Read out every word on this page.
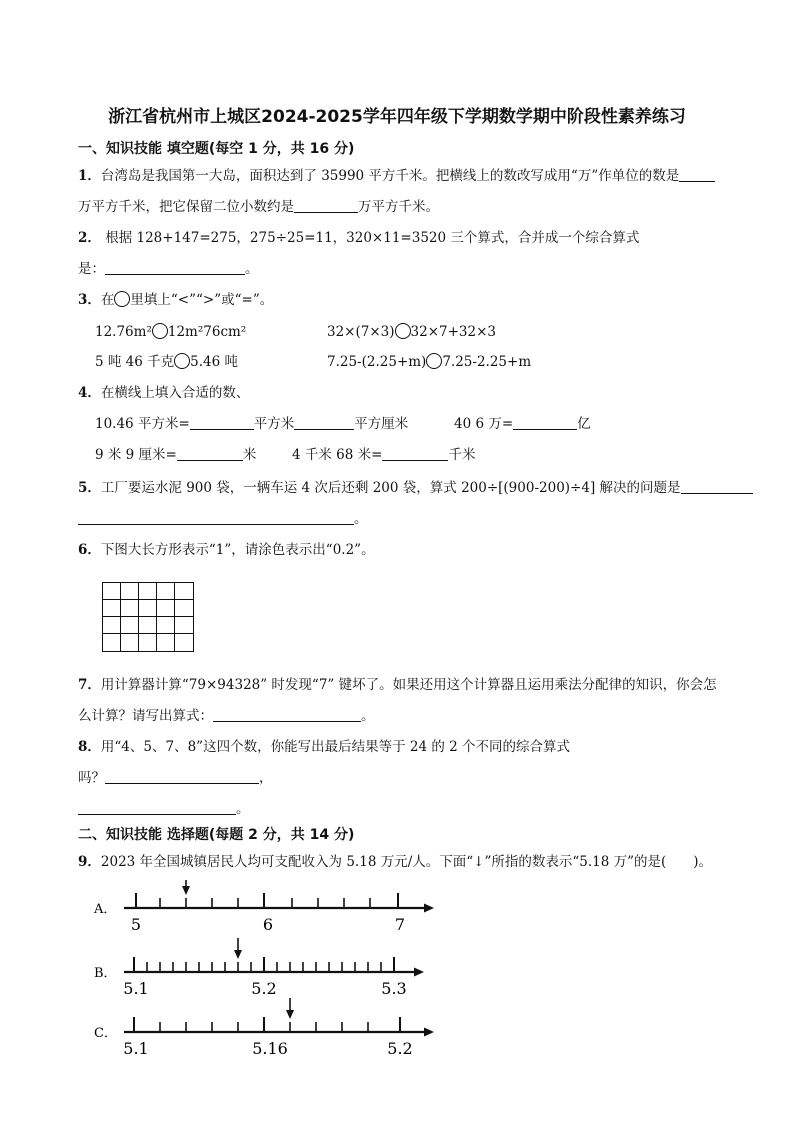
浙江省杭州市上城区2024-2025学年四年级下学期数学期中阶段性素养练习
一、知识技能 填空题(每空 1 分，共 16 分)
1．台湾岛是我国第一大岛，面积达到了 35990 平方千米。把横线上的数改写成用“万”作单位的数是
万平方千米，把它保留二位小数约是	万平方千米。
2． 根据 128+147=275，275÷25=11，320×11=3520 三个算式，合并成一个综合算式
是：	。
3．在 里填上“<”“>”或“=”。
12.76m² 12m²76cm²	32×(7×3) 32×7+32×3
5 吨 46 千克 5.46 吨	7.25-(2.25+m) 7.25-2.25+m
4．在横线上填入合适的数、
10.46 平方米=	平方米	平方厘米	40 6 万=	亿
9 米 9 厘米=	米	4 千米 68 米=	千米
5．工厂要运水泥 900 袋，一辆车运 4 次后还剩 200 袋，算式 200÷[(900-200)÷4] 解决的问题是
。
6．下图大长方形表示“1”，请涂色表示出“0.2”。
7．用计算器计算“79×94328” 时发现“7” 键坏了。如果还用这个计算器且运用乘法分配律的知识，你会怎
么计算？请写出算式：	。
8．用“4、5、7、8”这四个数，你能写出最后结果等于 24 的 2 个不同的综合算式
吗？	，
。
二、知识技能 选择题(每题 2 分，共 14 分)
9．2023 年全国城镇居民人均可支配收入为 5.18 万元/人。下面“↓”所指的数表示“5.18 万”的是(　　)。
A．
5	6	7
B．
5.1	5.2	5.3
C．
5.1	5.16	5.2
